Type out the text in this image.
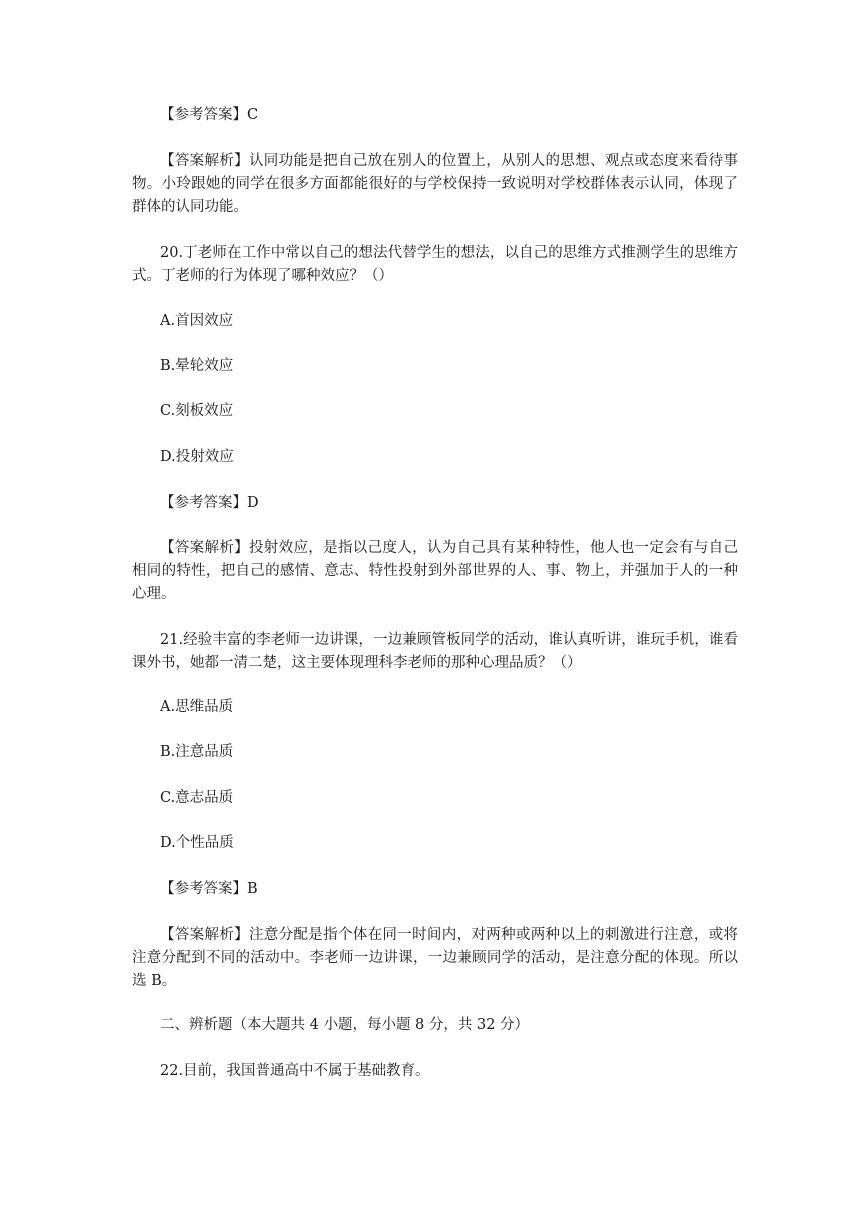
【参考答案】C
【答案解析】认同功能是把自己放在别人的位置上，从别人的思想、观点或态度来看待事物。小玲跟她的同学在很多方面都能很好的与学校保持一致说明对学校群体表示认同，体现了群体的认同功能。
20.丁老师在工作中常以自己的想法代替学生的想法，以自己的思维方式推测学生的思维方式。丁老师的行为体现了哪种效应？（）
A.首因效应
B.晕轮效应
C.刻板效应
D.投射效应
【参考答案】D
【答案解析】投射效应，是指以己度人，认为自己具有某种特性，他人也一定会有与自己相同的特性，把自己的感情、意志、特性投射到外部世界的人、事、物上，并强加于人的一种心理。
21.经验丰富的李老师一边讲课，一边兼顾管板同学的活动，谁认真听讲，谁玩手机，谁看课外书，她都一清二楚，这主要体现理科李老师的那种心理品质？（）
A.思维品质
B.注意品质
C.意志品质
D.个性品质
【参考答案】B
【答案解析】注意分配是指个体在同一时间内，对两种或两种以上的刺激进行注意，或将注意分配到不同的活动中。李老师一边讲课，一边兼顾同学的活动，是注意分配的体现。所以选 B。
二、辨析题（本大题共 4 小题，每小题 8 分，共 32 分）
22.目前，我国普通高中不属于基础教育。
